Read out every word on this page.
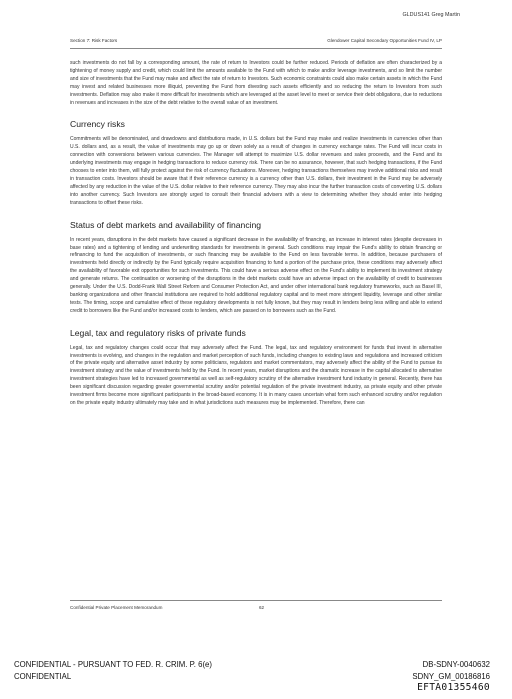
GLDUS141 Greg Martin
Section 7: Risk Factors	Glendower Capital Secondary Opportunities Fund IV, LP

such investments do not fall by a corresponding amount, the rate of return to Investors could be further reduced. Periods of deflation are often characterized by a tightening of money supply and credit, which could limit the amounts available to the Fund with which to make and/or leverage investments, and so limit the number and size of investments that the Fund may make and affect the rate of return to Investors. Such economic constraints could also make certain assets in which the Fund may invest and related businesses more illiquid, preventing the Fund from divesting such assets efficiently and so reducing the return to Investors from such investments. Deflation may also make it more difficult for investments which are leveraged at the asset level to meet or service their debt obligations, due to reductions in revenues and increases in the size of the debt relative to the overall value of an investment.

Currency risks

Commitments will be denominated, and drawdowns and distributions made, in U.S. dollars but the Fund may make and realize investments in currencies other than U.S. dollars and, as a result, the value of investments may go up or down solely as a result of changes in currency exchange rates. The Fund will incur costs in connection with conversions between various currencies. The Manager will attempt to maximize U.S. dollar revenues and sales proceeds, and the Fund and its underlying investments may engage in hedging transactions to reduce currency risk. There can be no assurance, however, that such hedging transactions, if the Fund chooses to enter into them, will fully protect against the risk of currency fluctuations. Moreover, hedging transactions themselves may involve additional risks and result in transaction costs. Investors should be aware that if their reference currency is a currency other than U.S. dollars, their investment in the Fund may be adversely affected by any reduction in the value of the U.S. dollar relative to their reference currency. They may also incur the further transaction costs of converting U.S. dollars into another currency. Such Investors are strongly urged to consult their financial advisers with a view to determining whether they should enter into hedging transactions to offset these risks.

Status of debt markets and availability of financing

In recent years, disruptions in the debt markets have caused a significant decrease in the availability of financing, an increase in interest rates (despite decreases in base rates) and a tightening of lending and underwriting standards for investments in general. Such conditions may impair the Fund's ability to obtain financing or refinancing to fund the acquisition of investments, or such financing may be available to the Fund on less favorable terms. In addition, because purchasers of investments held directly or indirectly by the Fund typically require acquisition financing to fund a portion of the purchase price, these conditions may adversely affect the availability of favorable exit opportunities for such investments. This could have a serious adverse effect on the Fund's ability to implement its investment strategy and generate returns. The continuation or worsening of the disruptions in the debt markets could have an adverse impact on the availability of credit to businesses generally. Under the U.S. Dodd-Frank Wall Street Reform and Consumer Protection Act, and under other international bank regulatory frameworks, such as Basel III, banking organizations and other financial institutions are required to hold additional regulatory capital and to meet more stringent liquidity, leverage and other similar tests. The timing, scope and cumulative effect of these regulatory developments is not fully known, but they may result in lenders being less willing and able to extend credit to borrowers like the Fund and/or increased costs to lenders, which are passed on to borrowers such as the Fund.

Legal, tax and regulatory risks of private funds

Legal, tax and regulatory changes could occur that may adversely affect the Fund. The legal, tax and regulatory environment for funds that invest in alternative investments is evolving, and changes in the regulation and market perception of such funds, including changes to existing laws and regulations and increased criticism of the private equity and alternative asset industry by some politicians, regulators and market commentators, may adversely affect the ability of the Fund to pursue its investment strategy and the value of investments held by the Fund. In recent years, market disruptions and the dramatic increase in the capital allocated to alternative investment strategies have led to increased governmental as well as self-regulatory scrutiny of the alternative investment fund industry in general. Recently, there has been significant discussion regarding greater governmental scrutiny and/or potential regulation of the private investment industry, as private equity and other private investment firms become more significant participants in the broad-based economy. It is in many cases uncertain what form such enhanced scrutiny and/or regulation on the private equity industry ultimately may take and in what jurisdictions such measures may be implemented. Therefore, there can

Confidential Private Placement Memorandum	62
CONFIDENTIAL - PURSUANT TO FED. R. CRIM. P. 6(e)
CONFIDENTIAL
DB-SDNY-0040632
SDNY_GM_00186816
EFTA01355460
